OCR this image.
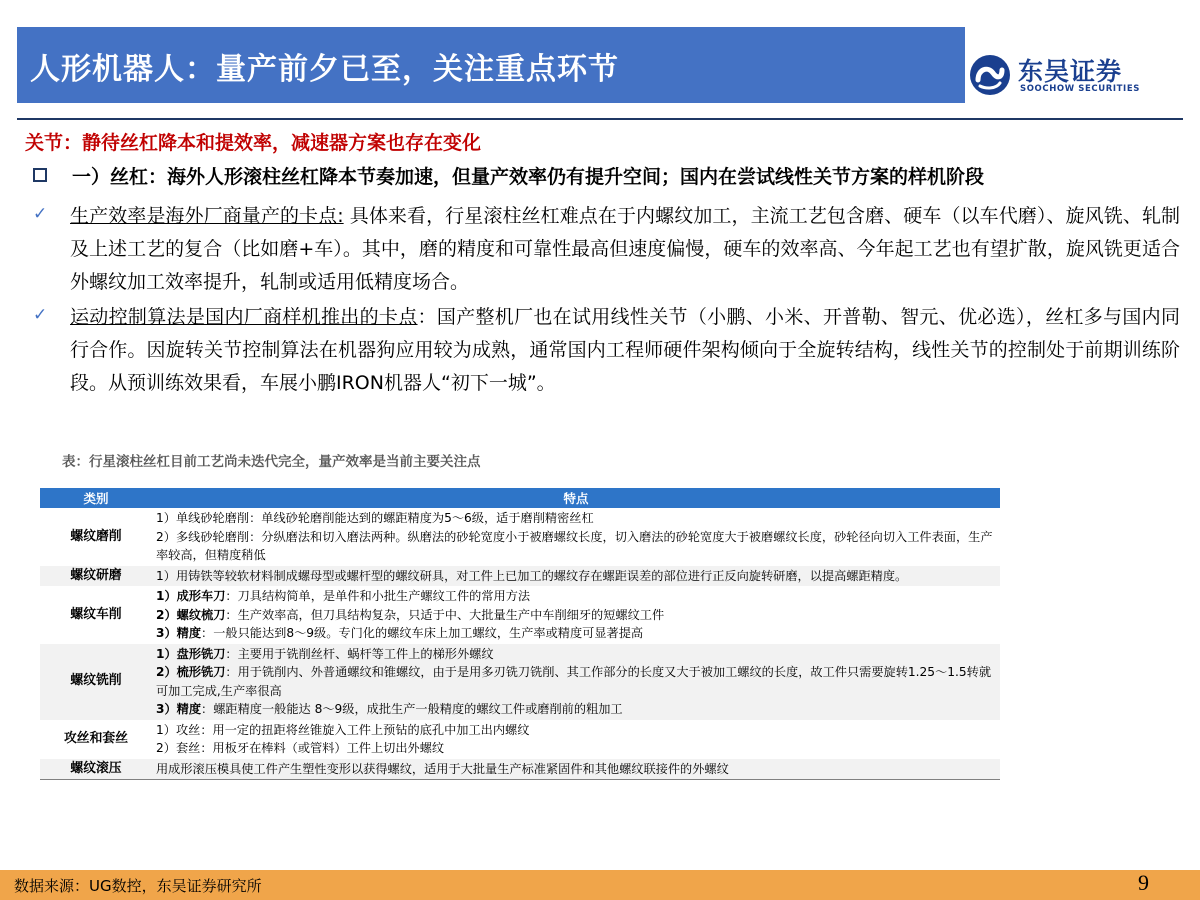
人形机器人：量产前夕已至，关注重点环节	东吴证券
SOOCHOW SECURITIES
关节：静待丝杠降本和提效率，减速器方案也存在变化
一）丝杠：海外人形滚柱丝杠降本节奏加速，但量产效率仍有提升空间；国内在尝试线性关节方案的样机阶段
✓ 生产效率是海外厂商量产的卡点: 具体来看，行星滚柱丝杠难点在于内螺纹加工，主流工艺包含磨、硬车（以车代磨）、旋风铣、轧制及上述工艺的复合（比如磨+车）。其中，磨的精度和可靠性最高但速度偏慢，硬车的效率高、今年起工艺也有望扩散，旋风铣更适合外螺纹加工效率提升，轧制或适用低精度场合。
✓ 运动控制算法是国内厂商样机推出的卡点：国产整机厂也在试用线性关节（小鹏、小米、开普勒、智元、优必选），丝杠多与国内同行合作。因旋转关节控制算法在机器狗应用较为成熟，通常国内工程师硬件架构倾向于全旋转结构，线性关节的控制处于前期训练阶段。从预训练效果看，车展小鹏IRON机器人“初下一城”。
表：行星滚柱丝杠目前工艺尚未迭代完全，量产效率是当前主要关注点
类别	特点
螺纹磨削	1）单线砂轮磨削：单线砂轮磨削能达到的螺距精度为5～6级，适于磨削精密丝杠
2）多线砂轮磨削：分纵磨法和切入磨法两种。纵磨法的砂轮宽度小于被磨螺纹长度，切入磨法的砂轮宽度大于被磨螺纹长度，砂轮径向切入工件表面，生产率较高，但精度稍低

螺纹研磨	1）用铸铁等较软材料制成螺母型或螺杆型的螺纹研具，对工件上已加工的螺纹存在螺距误差的部位进行正反向旋转研磨，以提高螺距精度。

螺纹车削	1）成形车刀：刀具结构简单，是单件和小批生产螺纹工件的常用方法
2）螺纹梳刀：生产效率高，但刀具结构复杂，只适于中、大批量生产中车削细牙的短螺纹工件
3）精度：一般只能达到8～9级。专门化的螺纹车床上加工螺纹，生产率或精度可显著提高

螺纹铣削	1）盘形铣刀：主要用于铣削丝杆、蜗杆等工件上的梯形外螺纹
2）梳形铣刀：用于铣削内、外普通螺纹和锥螺纹，由于是用多刃铣刀铣削、其工作部分的长度又大于被加工螺纹的长度，故工件只需要旋转1.25～1.5转就可加工完成,生产率很高
3）精度：螺距精度一般能达 8～9级，成批生产一般精度的螺纹工件或磨削前的粗加工

攻丝和套丝	1）攻丝：用一定的扭距将丝锥旋入工件上预钻的底孔中加工出内螺纹
2）套丝：用板牙在棒料（或管料）工件上切出外螺纹

螺纹滚压	用成形滚压模具使工件产生塑性变形以获得螺纹，适用于大批量生产标准紧固件和其他螺纹联接件的外螺纹
数据来源：UG数控，东吴证券研究所	9
